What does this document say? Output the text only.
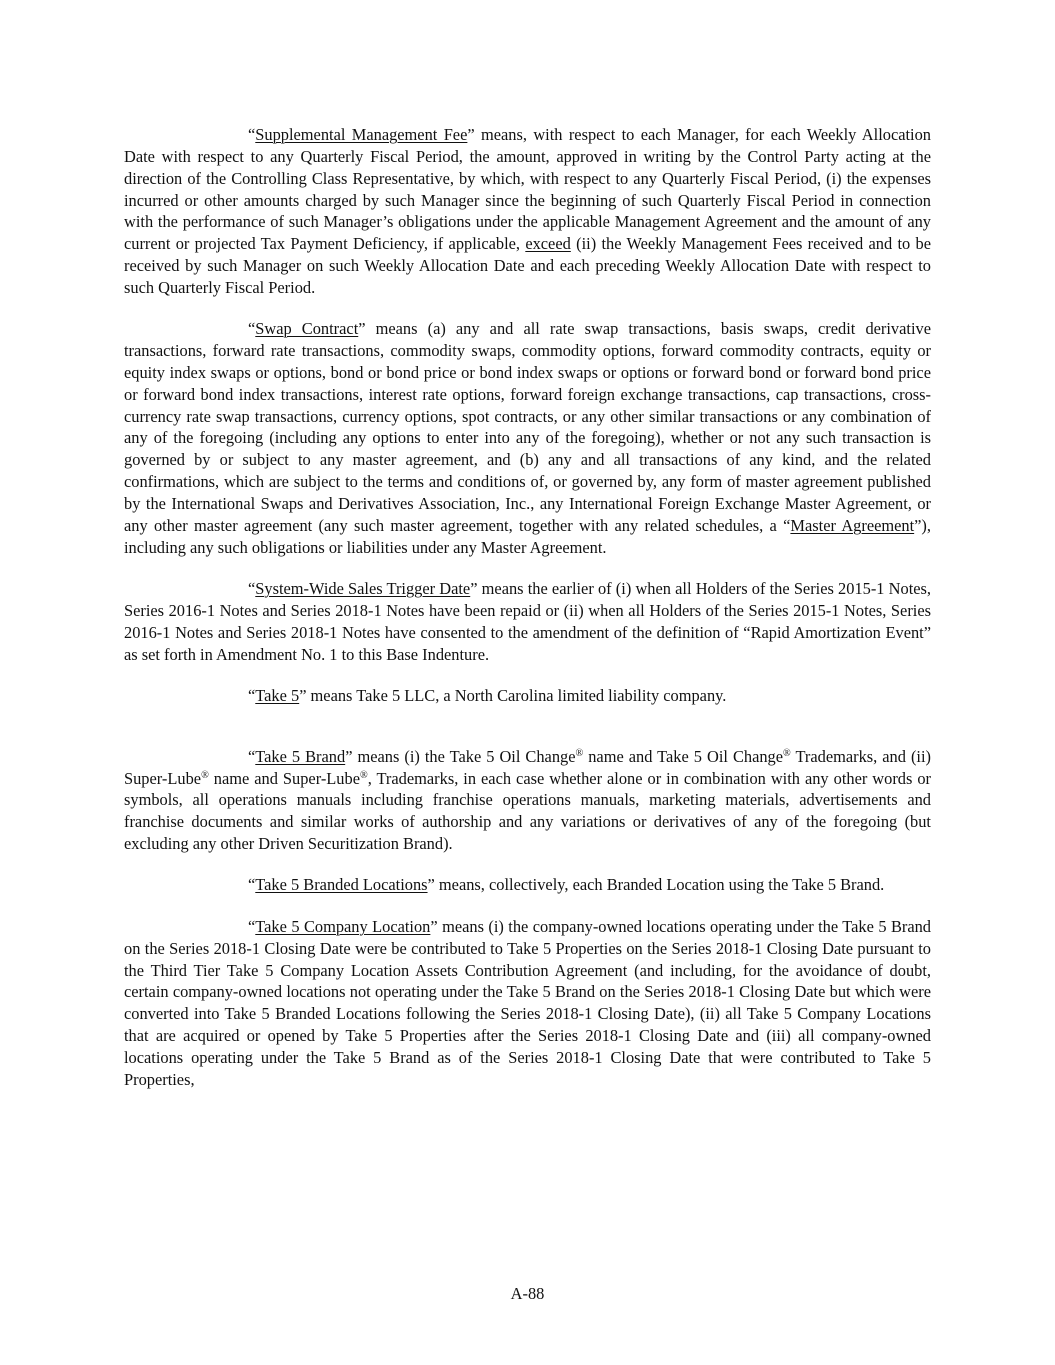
“Supplemental Management Fee” means, with respect to each Manager, for each Weekly Allocation Date with respect to any Quarterly Fiscal Period, the amount, approved in writing by the Control Party acting at the direction of the Controlling Class Representative, by which, with respect to any Quarterly Fiscal Period, (i) the expenses incurred or other amounts charged by such Manager since the beginning of such Quarterly Fiscal Period in connection with the performance of such Manager’s obligations under the applicable Management Agreement and the amount of any current or projected Tax Payment Deficiency, if applicable, exceed (ii) the Weekly Management Fees received and to be received by such Manager on such Weekly Allocation Date and each preceding Weekly Allocation Date with respect to such Quarterly Fiscal Period.

“Swap Contract” means (a) any and all rate swap transactions, basis swaps, credit derivative transactions, forward rate transactions, commodity swaps, commodity options, forward commodity contracts, equity or equity index swaps or options, bond or bond price or bond index swaps or options or forward bond or forward bond price or forward bond index transactions, interest rate options, forward foreign exchange transactions, cap transactions, cross-currency rate swap transactions, currency options, spot contracts, or any other similar transactions or any combination of any of the foregoing (including any options to enter into any of the foregoing), whether or not any such transaction is governed by or subject to any master agreement, and (b) any and all transactions of any kind, and the related confirmations, which are subject to the terms and conditions of, or governed by, any form of master agreement published by the International Swaps and Derivatives Association, Inc., any International Foreign Exchange Master Agreement, or any other master agreement (any such master agreement, together with any related schedules, a “Master Agreement”), including any such obligations or liabilities under any Master Agreement.

“System-Wide Sales Trigger Date” means the earlier of (i) when all Holders of the Series 2015-1 Notes, Series 2016-1 Notes and Series 2018-1 Notes have been repaid or (ii) when all Holders of the Series 2015-1 Notes, Series 2016-1 Notes and Series 2018-1 Notes have consented to the amendment of the definition of “Rapid Amortization Event” as set forth in Amendment No. 1 to this Base Indenture.

“Take 5” means Take 5 LLC, a North Carolina limited liability company.

“Take 5 Brand” means (i) the Take 5 Oil Change® name and Take 5 Oil Change® Trademarks, and (ii) Super-Lube® name and Super-Lube®, Trademarks, in each case whether alone or in combination with any other words or symbols, all operations manuals including franchise operations manuals, marketing materials, advertisements and franchise documents and similar works of authorship and any variations or derivatives of any of the foregoing (but excluding any other Driven Securitization Brand).

“Take 5 Branded Locations” means, collectively, each Branded Location using the Take 5 Brand.

“Take 5 Company Location” means (i) the company-owned locations operating under the Take 5 Brand on the Series 2018-1 Closing Date were be contributed to Take 5 Properties on the Series 2018-1 Closing Date pursuant to the Third Tier Take 5 Company Location Assets Contribution Agreement (and including, for the avoidance of doubt, certain company-owned locations not operating under the Take 5 Brand on the Series 2018-1 Closing Date but which were converted into Take 5 Branded Locations following the Series 2018-1 Closing Date), (ii) all Take 5 Company Locations that are acquired or opened by Take 5 Properties after the Series 2018-1 Closing Date and (iii) all company-owned locations operating under the Take 5 Brand as of the Series 2018-1 Closing Date that were contributed to Take 5 Properties,

A-88
